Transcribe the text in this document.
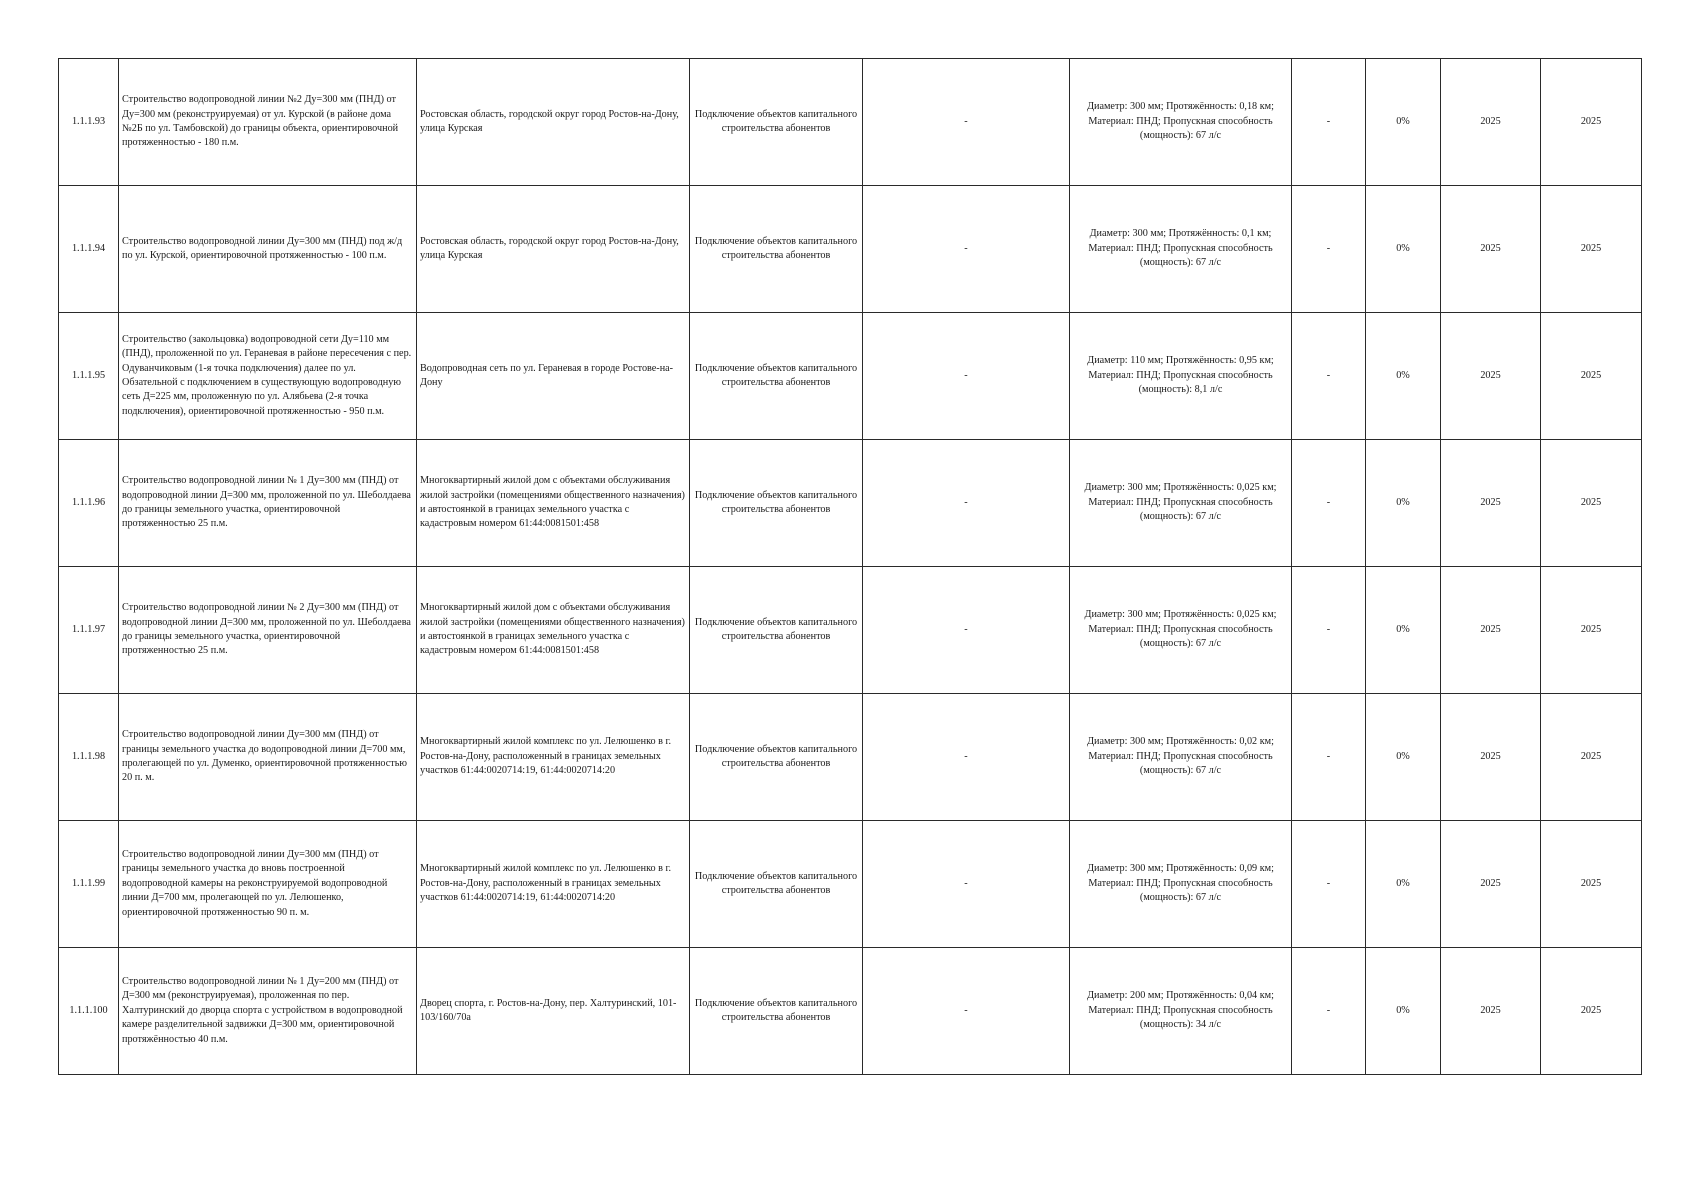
1.1.1.93	Строительство водопроводной линии №2 Ду=300 мм (ПНД) от Ду=300 мм (реконструируемая) от ул. Курской (в районе дома №2Б по ул. Тамбовской) до границы объекта, ориентировочной протяженностью - 180 п.м.	Ростовская область, городской округ город Ростов-на-Дону, улица Курская	Подключение объектов капитального строительства абонентов	-	Диаметр: 300 мм; Протяжённость: 0,18 км; Материал: ПНД; Пропускная способность (мощность): 67 л/с	-	0%	2025	2025
1.1.1.94	Строительство водопроводной линии Ду=300 мм (ПНД) под ж/д по ул. Курской, ориентировочной протяженностью - 100 п.м.	Ростовская область, городской округ город Ростов-на-Дону, улица Курская	Подключение объектов капитального строительства абонентов	-	Диаметр: 300 мм; Протяжённость: 0,1 км; Материал: ПНД; Пропускная способность (мощность): 67 л/с	-	0%	2025	2025
1.1.1.95	Строительство (закольцовка) водопроводной сети Ду=110 мм (ПНД), проложенной по ул. Гераневая в районе пересечения с пер. Одуванчиковым (1-я точка подключения) далее по ул. Обзательной с подключением в существующую водопроводную сеть Д=225 мм, проложенную по ул. Алябьева (2-я точка подключения), ориентировочной протяженностью - 950 п.м.	Водопроводная сеть по ул. Гераневая в городе Ростове-на-Дону	Подключение объектов капитального строительства абонентов	-	Диаметр: 110 мм; Протяжённость: 0,95 км; Материал: ПНД; Пропускная способность (мощность): 8,1 л/с	-	0%	2025	2025
1.1.1.96	Строительство водопроводной линии № 1 Ду=300 мм (ПНД) от водопроводной линии Д=300 мм, проложенной по ул. Шеболдаева до границы земельного участка, ориентировочной протяженностью 25 п.м.	Многоквартирный жилой дом с объектами обслуживания жилой застройки (помещениями общественного назначения) и автостоянкой в границах земельного участка с кадастровым номером 61:44:0081501:458	Подключение объектов капитального строительства абонентов	-	Диаметр: 300 мм; Протяжённость: 0,025 км; Материал: ПНД; Пропускная способность (мощность): 67 л/с	-	0%	2025	2025
1.1.1.97	Строительство водопроводной линии № 2 Ду=300 мм (ПНД) от водопроводной линии Д=300 мм, проложенной по ул. Шеболдаева до границы земельного участка, ориентировочной протяженностью 25 п.м.	Многоквартирный жилой дом с объектами обслуживания жилой застройки (помещениями общественного назначения) и автостоянкой в границах земельного участка с кадастровым номером 61:44:0081501:458	Подключение объектов капитального строительства абонентов	-	Диаметр: 300 мм; Протяжённость: 0,025 км; Материал: ПНД; Пропускная способность (мощность): 67 л/с	-	0%	2025	2025
1.1.1.98	Строительство водопроводной линии Ду=300 мм (ПНД) от границы земельного участка до водопроводной линии Д=700 мм, пролегающей по ул. Думенко, ориентировочной протяженностью 20 п. м.	Многоквартирный жилой комплекс по ул. Лелюшенко в г. Ростов-на-Дону, расположенный в границах земельных участков 61:44:0020714:19, 61:44:0020714:20	Подключение объектов капитального строительства абонентов	-	Диаметр: 300 мм; Протяжённость: 0,02 км; Материал: ПНД; Пропускная способность (мощность): 67 л/с	-	0%	2025	2025
1.1.1.99	Строительство водопроводной линии Ду=300 мм (ПНД) от границы земельного участка до вновь построенной водопроводной камеры на реконструируемой водопроводной линии Д=700 мм, пролегающей по ул. Лелюшенко, ориентировочной протяженностью 90 п. м.	Многоквартирный жилой комплекс по ул. Лелюшенко в г. Ростов-на-Дону, расположенный в границах земельных участков 61:44:0020714:19, 61:44:0020714:20	Подключение объектов капитального строительства абонентов	-	Диаметр: 300 мм; Протяжённость: 0,09 км; Материал: ПНД; Пропускная способность (мощность): 67 л/с	-	0%	2025	2025
1.1.1.100	Строительство водопроводной линии № 1 Ду=200 мм (ПНД) от Д=300 мм (реконструируемая), проложенная по пер. Халтуринский до дворца спорта с устройством в водопроводной камере разделительной задвижки Д=300 мм, ориентировочной протяжённостью 40 п.м.	Дворец спорта, г. Ростов-на-Дону, пер. Халтуринский, 101-103/160/70а	Подключение объектов капитального строительства абонентов	-	Диаметр: 200 мм; Протяжённость: 0,04 км; Материал: ПНД; Пропускная способность (мощность): 34 л/с	-	0%	2025	2025
